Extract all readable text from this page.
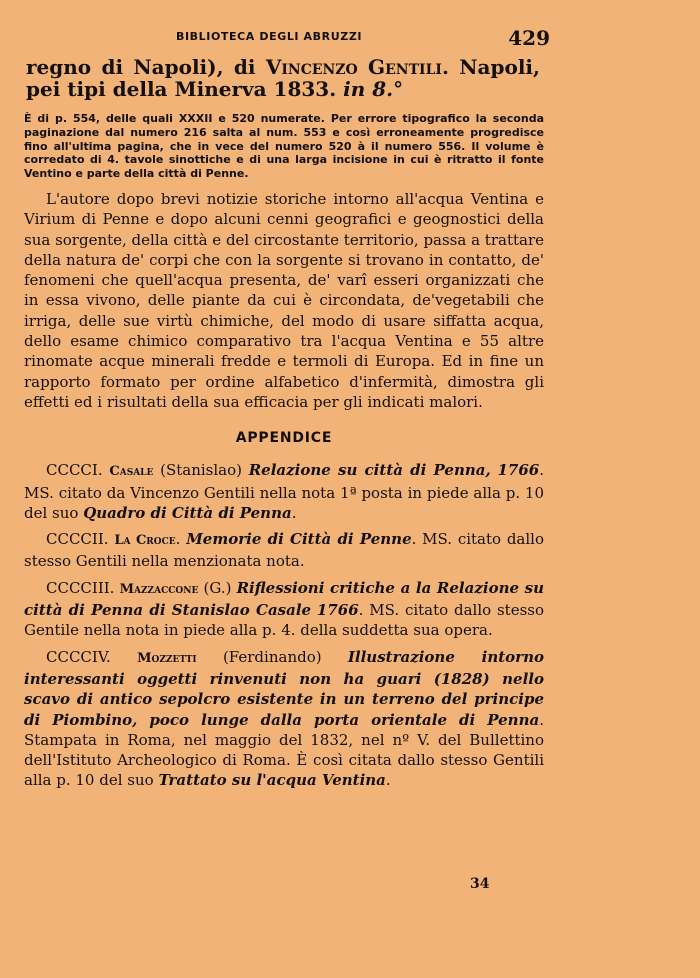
BIBLIOTECA DEGLI ABRUZZI	429
regno di Napoli), di Vincenzo Gentili. Napoli, pei tipi della Minerva 1833. in 8.°
È di p. 554, delle quali XXXII e 520 numerate. Per errore tipografico la seconda paginazione dal numero 216 salta al num. 553 e così erroneamente progredisce fino all'ultima pagina, che in vece del numero 520 à il numero 556. Il volume è corredato di 4. tavole sinottiche e di una larga incisione in cui è ritratto il fonte Ventino e parte della città di Penne.
L'autore dopo brevi notizie storiche intorno all'acqua Ventina e Virium di Penne e dopo alcuni cenni geografici e geognostici della sua sorgente, della città e del circostante territorio, passa a trattare della natura de' corpi che con la sorgente si trovano in contatto, de' fenomeni che quell'acqua presenta, de' varî esseri organizzati che in essa vivono, delle piante da cui è circondata, de'vegetabili che irriga, delle sue virtù chimiche, del modo di usare siffatta acqua, dello esame chimico comparativo tra l'acqua Ventina e 55 altre rinomate acque minerali fredde e termoli di Europa. Ed in fine un rapporto formato per ordine alfabetico d'infermità, dimostra gli effetti ed i risultati della sua efficacia per gli indicati malori.
APPENDICE
CCCCI. Casale (Stanislao) Relazione su città di Penna, 1766. MS. citato da Vincenzo Gentili nella nota 1ª posta in piede alla p. 10 del suo Quadro di Città di Penna.
CCCCII. La Croce. Memorie di Città di Penne. MS. citato dallo stesso Gentili nella menzionata nota.
CCCCIII. Mazzaccone (G.) Riflessioni critiche a la Relazione su città di Penna di Stanislao Casale 1766. MS. citato dallo stesso Gentile nella nota in piede alla p. 4. della suddetta sua opera.
CCCCIV. Mozzetti (Ferdinando) Illustrazione intorno interessanti oggetti rinvenuti non ha guari (1828) nello scavo di antico sepolcro esistente in un terreno del principe di Piombino, poco lunge dalla porta orientale di Penna. Stampata in Roma, nel maggio del 1832, nel nº V. del Bullettino dell'Istituto Archeologico di Roma. È così citata dallo stesso Gentili alla p. 10 del suo Trattato su l'acqua Ventina.
34
